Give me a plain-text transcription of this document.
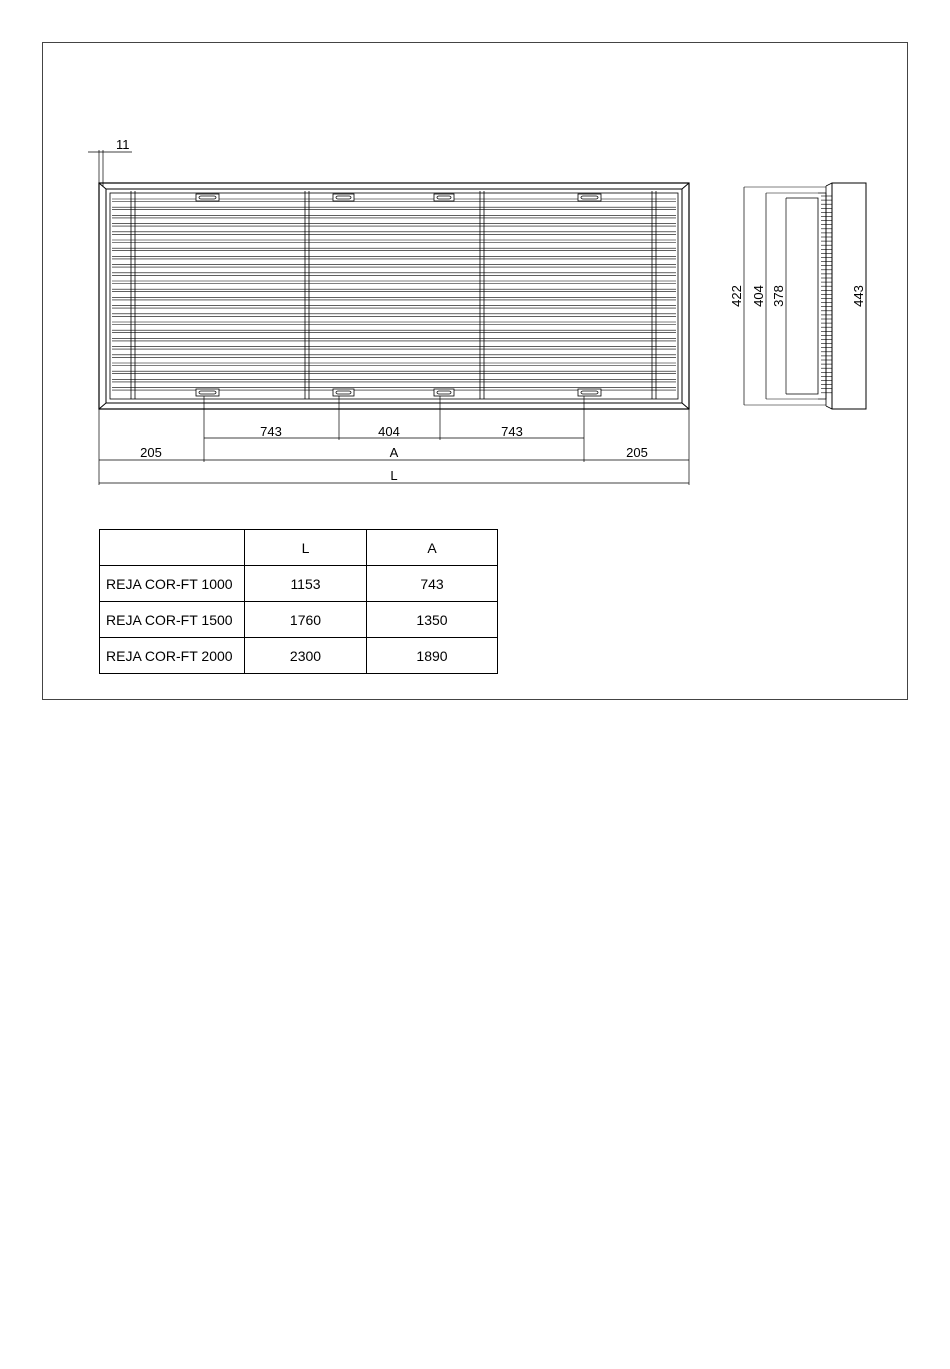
11
743	404	743
205	A	205
L
422 404 378	443
	L	A
REJA COR-FT 1000	1153	743
REJA COR-FT 1500	1760	1350
REJA COR-FT 2000	2300	1890
